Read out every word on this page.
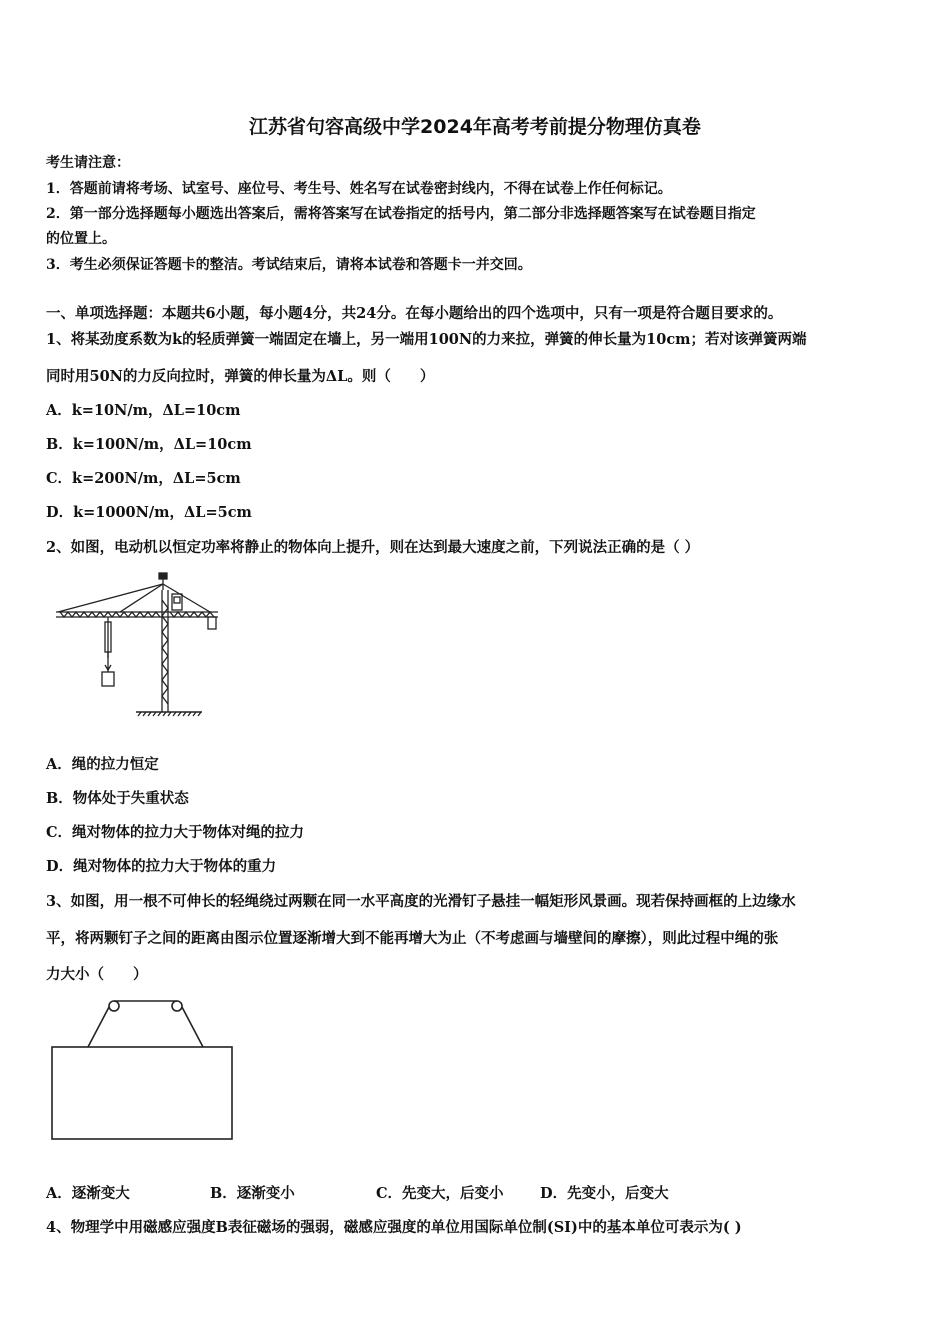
江苏省句容高级中学2024年高考考前提分物理仿真卷
考生请注意：
1．答题前请将考场、试室号、座位号、考生号、姓名写在试卷密封线内，不得在试卷上作任何标记。
2．第一部分选择题每小题选出答案后，需将答案写在试卷指定的括号内，第二部分非选择题答案写在试卷题目指定
的位置上。
3．考生必须保证答题卡的整洁。考试结束后，请将本试卷和答题卡一并交回。
一、单项选择题：本题共6小题，每小题4分，共24分。在每小题给出的四个选项中，只有一项是符合题目要求的。
1、将某劲度系数为k的轻质弹簧一端固定在墙上，另一端用100N的力来拉，弹簧的伸长量为10cm；若对该弹簧两端
同时用50N的力反向拉时，弹簧的伸长量为ΔL。则（　　）
A．k=10N/m，ΔL=10cm
B．k=100N/m，ΔL=10cm
C．k=200N/m，ΔL=5cm
D．k=1000N/m，ΔL=5cm
2、如图，电动机以恒定功率将静止的物体向上提升，则在达到最大速度之前，下列说法正确的是（ ）
A．绳的拉力恒定
B．物体处于失重状态
C．绳对物体的拉力大于物体对绳的拉力
D．绳对物体的拉力大于物体的重力
3、如图，用一根不可伸长的轻绳绕过两颗在同一水平高度的光滑钉子悬挂一幅矩形风景画。现若保持画框的上边缘水
平，将两颗钉子之间的距离由图示位置逐渐增大到不能再增大为止（不考虑画与墙壁间的摩擦），则此过程中绳的张
力大小（　　）
A．逐渐变大	B．逐渐变小	C．先变大，后变小	D．先变小，后变大
4、物理学中用磁感应强度B表征磁场的强弱，磁感应强度的单位用国际单位制(SI)中的基本单位可表示为( )
